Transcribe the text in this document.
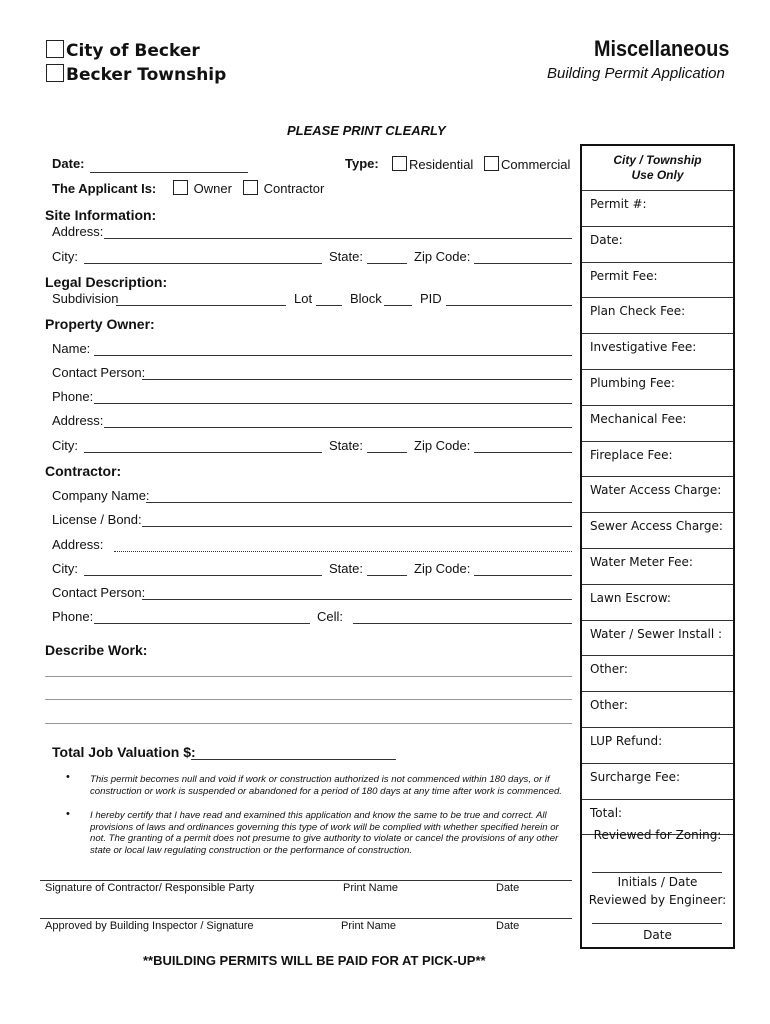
City of Becker
Becker Township
Miscellaneous
Building Permit Application
PLEASE PRINT CLEARLY
Date:	Type:	Residential	Commercial
The Applicant Is:	Owner	Contractor
Site Information:
Address:
City:	State:	Zip Code:
Legal Description:
Subdivision	Lot	Block	PID
Property Owner:
Name:
Contact Person:
Phone:
Address:
City:	State:	Zip Code:
Contractor:
Company Name:
License / Bond:
Address:
City:	State:	Zip Code:
Contact Person:
Phone:	Cell:
Describe Work:
Total Job Valuation $:
• This permit becomes null and void if work or construction authorized is not commenced within 180 days, or if construction or work is suspended or abandoned for a period of 180 days at any time after work is commenced.
• I hereby certify that I have read and examined this application and know the same to be true and correct. All provisions of laws and ordinances governing this type of work will be complied with whether specified herein or not. The granting of a permit does not presume to give authority to violate or cancel the provisions of any other state or local law regulating construction or the performance of construction.
Signature of Contractor/ Responsible Party	Print Name	Date
Approved by Building Inspector / Signature	Print Name	Date
**BUILDING PERMITS WILL BE PAID FOR AT PICK-UP**
City / Township
Use Only
Permit #:
Date:
Permit Fee:
Plan Check Fee:
Investigative Fee:
Plumbing Fee:
Mechanical Fee:
Fireplace Fee:
Water Access Charge:
Sewer Access Charge:
Water Meter Fee:
Lawn Escrow:
Water / Sewer Install :
Other:
Other:
LUP Refund:
Surcharge Fee:
Total:
Reviewed for Zoning:
Initials / Date
Reviewed by Engineer:
Date
